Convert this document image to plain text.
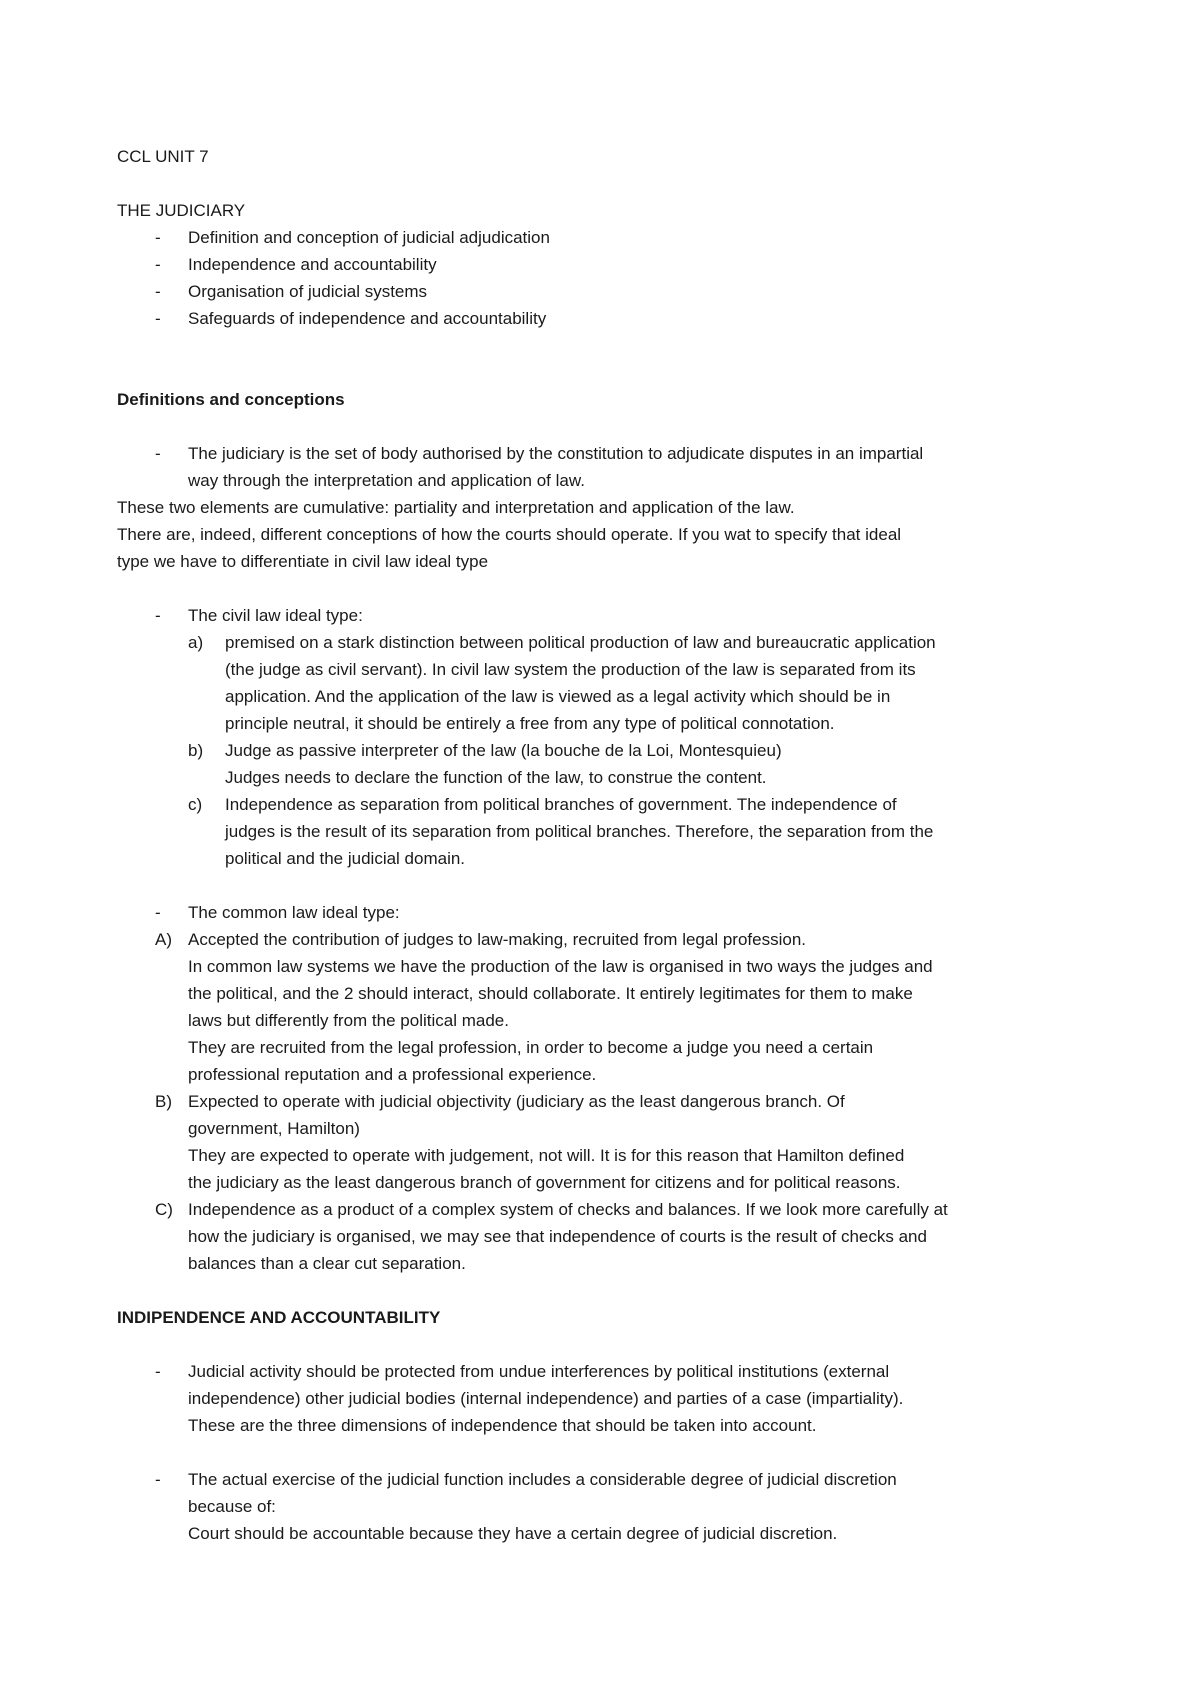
CCL UNIT 7

THE JUDICIARY

- Definition and conception of judicial adjudication
- Independence and accountability
- Organisation of judicial systems
- Safeguards of independence and accountability

Definitions and conceptions

- The judiciary is the set of body authorised by the constitution to adjudicate disputes in an impartial
way through the interpretation and application of law.

These two elements are cumulative: partiality and interpretation and application of the law.

There are, indeed, different conceptions of how the courts should operate. If you wat to specify that ideal
type we have to differentiate in civil law ideal type

- The civil law ideal type:
a) premised on a stark distinction between political production of law and bureaucratic application
(the judge as civil servant). In civil law system the production of the law is separated from its
application. And the application of the law is viewed as a legal activity which should be in
principle neutral, it should be entirely a free from any type of political connotation.
b) Judge as passive interpreter of the law (la bouche de la Loi, Montesquieu)
Judges needs to declare the function of the law, to construe the content.
c) Independence as separation from political branches of government. The independence of
judges is the result of its separation from political branches. Therefore, the separation from the
political and the judicial domain.
- The common law ideal type:
A) Accepted the contribution of judges to law-making, recruited from legal profession.
In common law systems we have the production of the law is organised in two ways the judges and
the political, and the 2 should interact, should collaborate. It entirely legitimates for them to make
laws but differently from the political made.
They are recruited from the legal profession, in order to become a judge you need a certain
professional reputation and a professional experience.
B) Expected to operate with judicial objectivity (judiciary as the least dangerous branch. Of
government, Hamilton)
They are expected to operate with judgement, not will. It is for this reason that Hamilton defined
the judiciary as the least dangerous branch of government for citizens and for political reasons.
C) Independence as a product of a complex system of checks and balances. If we look more carefully at
how the judiciary is organised, we may see that independence of courts is the result of checks and
balances than a clear cut separation.

INDIPENDENCE AND ACCOUNTABILITY

- Judicial activity should be protected from undue interferences by political institutions (external
independence) other judicial bodies (internal independence) and parties of a case (impartiality).
These are the three dimensions of independence that should be taken into account.
- The actual exercise of the judicial function includes a considerable degree of judicial discretion
because of:
Court should be accountable because they have a certain degree of judicial discretion.
